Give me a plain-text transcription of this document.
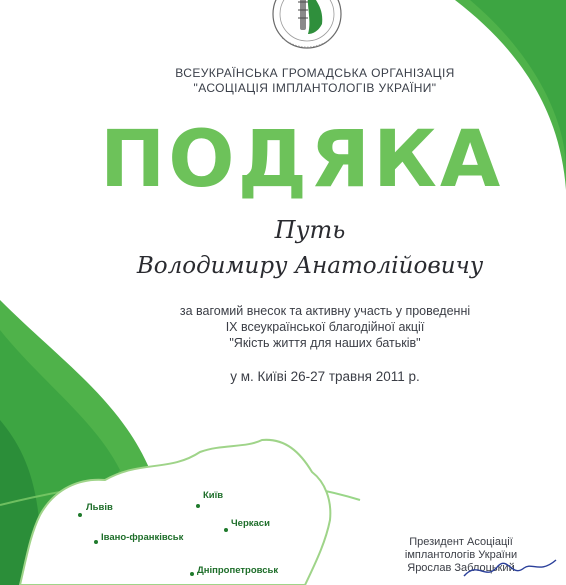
ВСЕУКРАЇНСЬКА ГРОМАДСЬКА ОРГАНІЗАЦІЯ
"АСОЦІАЦІЯ ІМПЛАНТОЛОГІВ УКРАЇНИ"
ПОДЯКА
Путь
Володимиру Анатолійовичу
за вагомий внесок та активну участь у проведенні
IX всеукраїнської благодійної акції
"Якість життя для наших батьків"
у м. Київі 26-27 травня 2011 р.
Львів
Київ
Івано-франківськ
Черкаси
Дніпропетровськ
Президент Асоціації
імплантологів України
Ярослав Заблоцький
